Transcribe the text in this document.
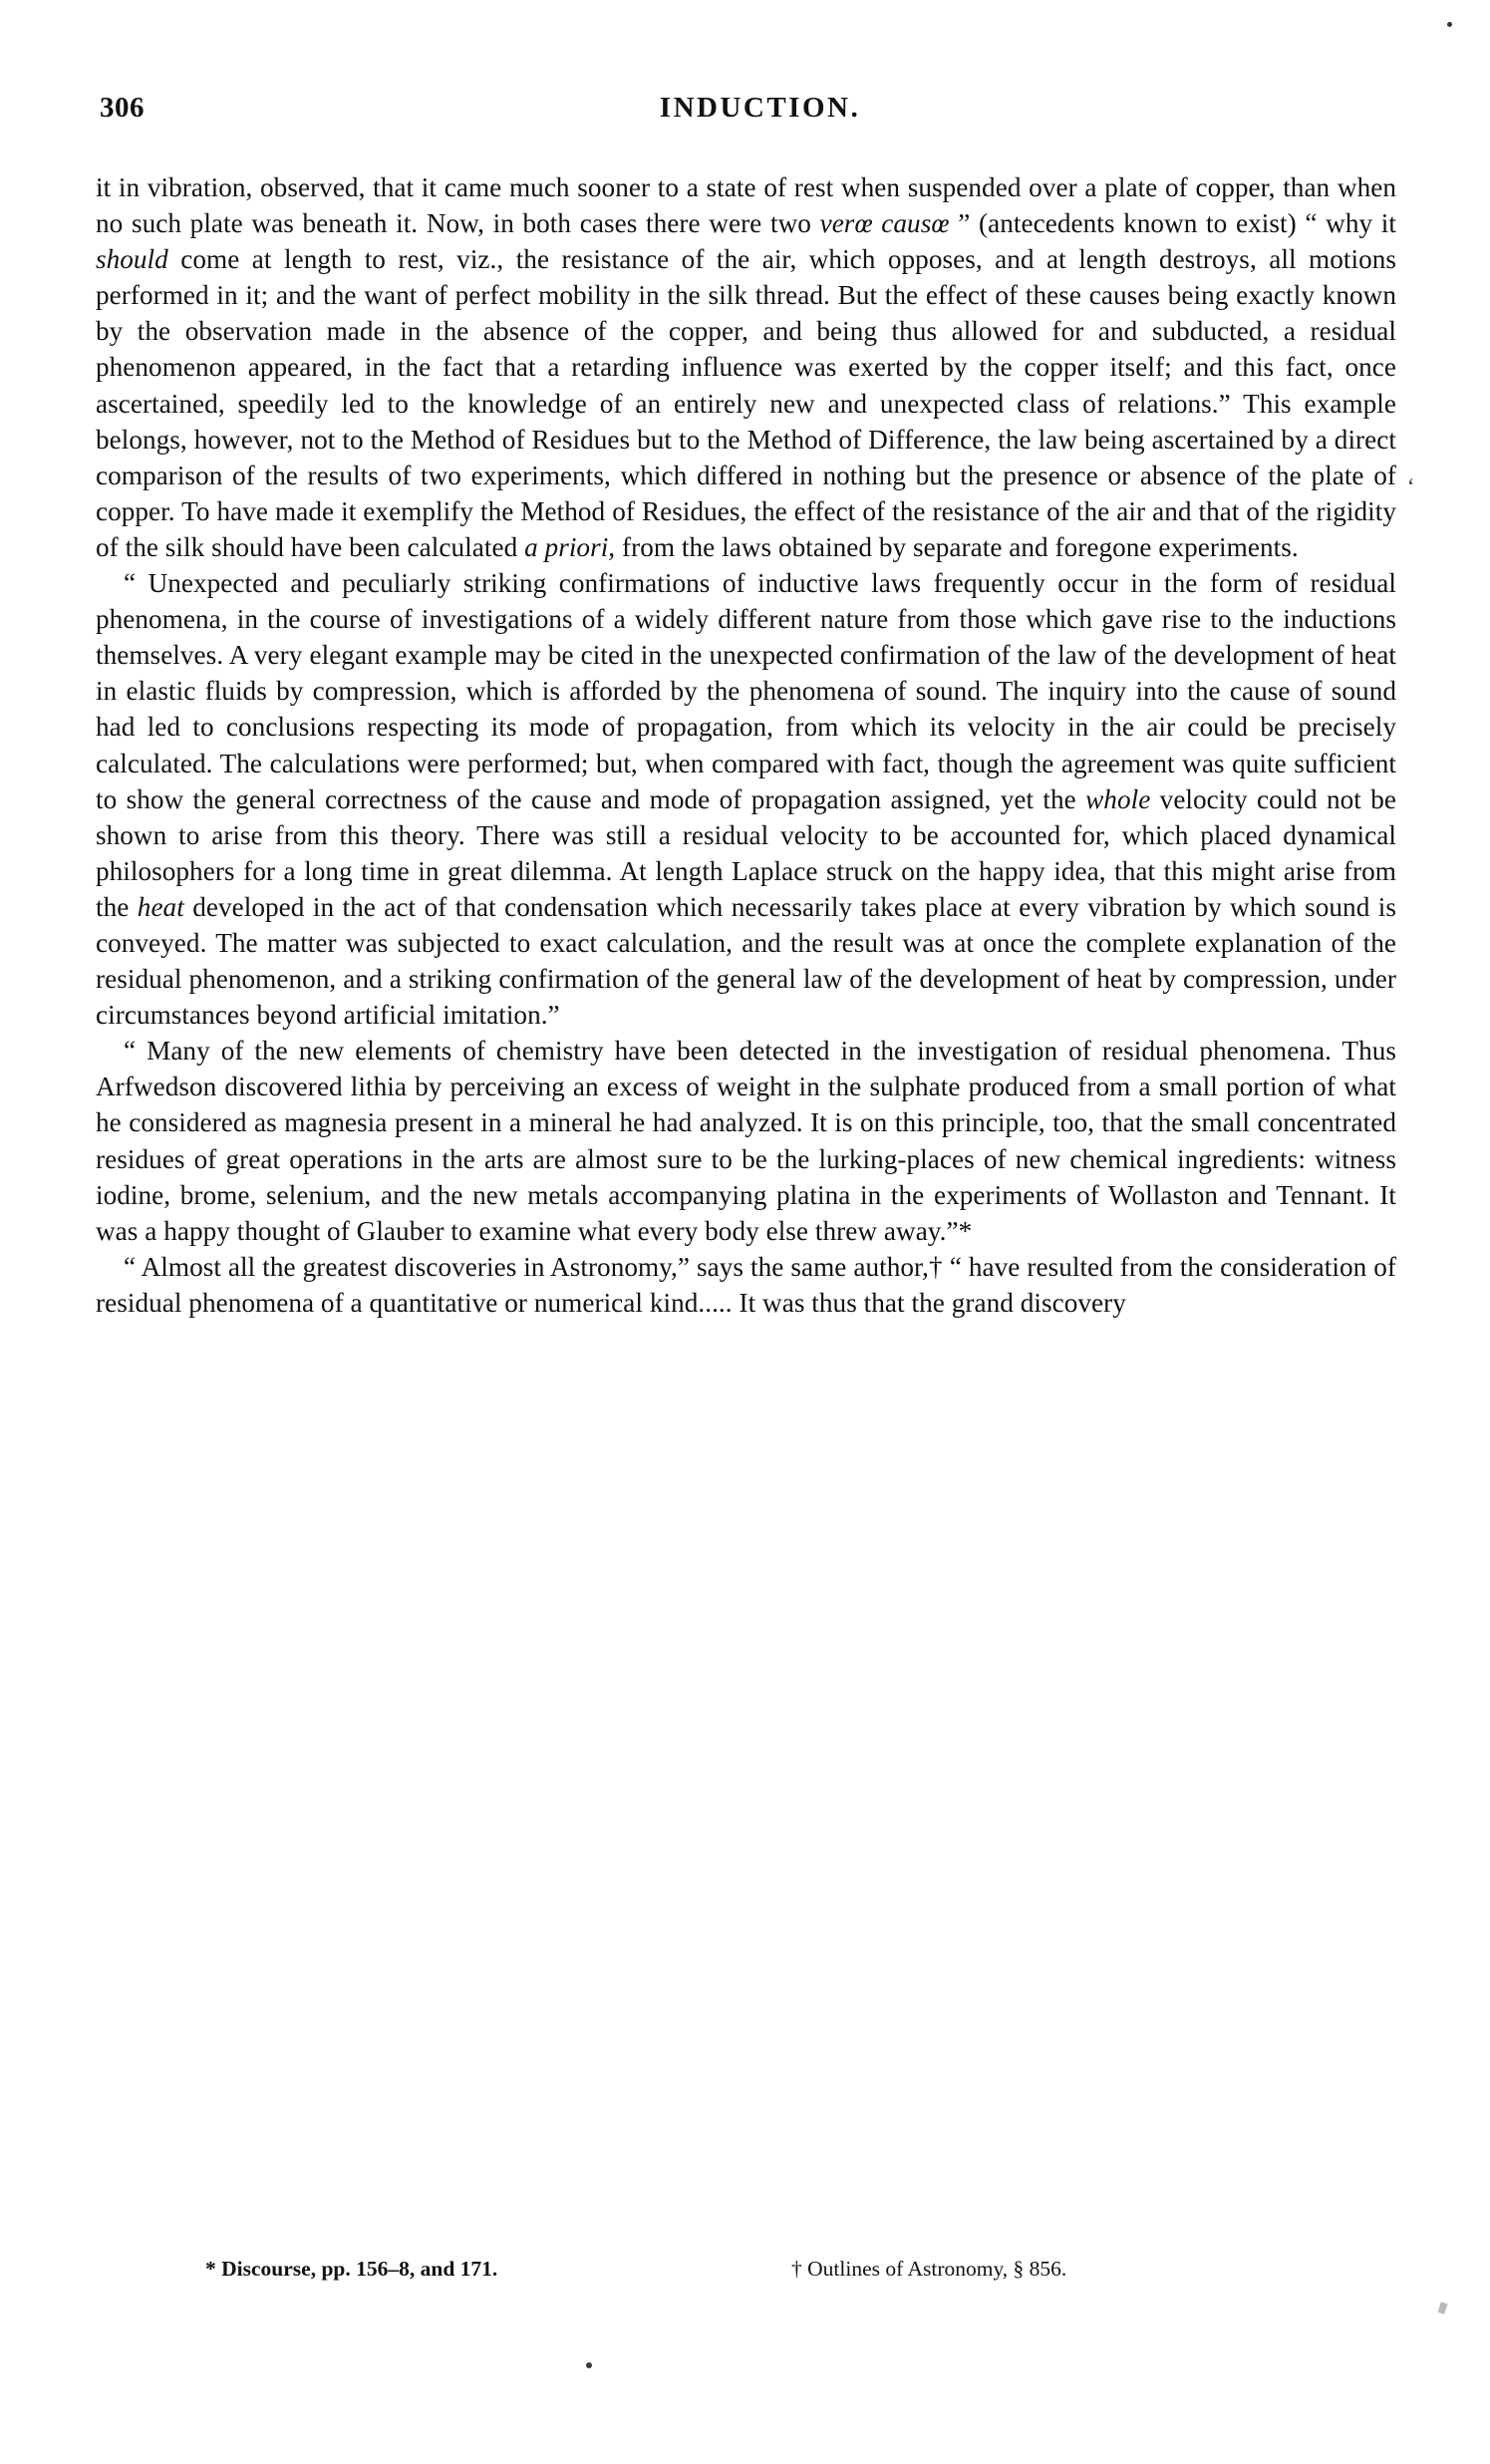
306	INDUCTION.

it in vibration, observed, that it came much sooner to a state of rest when suspended over a plate of copper, than when no such plate was beneath it. Now, in both cases there were two verœ causœ ” (antecedents known to exist) “ why it should come at length to rest, viz., the resistance of the air, which opposes, and at length destroys, all motions performed in it; and the want of perfect mobility in the silk thread. But the effect of these causes being exactly known by the observation made in the absence of the copper, and being thus allowed for and subducted, a residual phenomenon appeared, in the fact that a retarding influence was exerted by the copper itself; and this fact, once ascertained, speedily led to the knowledge of an entirely new and unexpected class of relations.” This example belongs, however, not to the Method of Residues but to the Method of Difference, the law being ascertained by a direct comparison of the results of two experiments, which differed in nothing but the presence or absence of the plate of copper. To have made it exemplify the Method of Residues, the effect of the resistance of the air and that of the rigidity of the silk should have been calculated a priori, from the laws obtained by separate and foregone experiments.

“ Unexpected and peculiarly striking confirmations of inductive laws frequently occur in the form of residual phenomena, in the course of investigations of a widely different nature from those which gave rise to the inductions themselves. A very elegant example may be cited in the unexpected confirmation of the law of the development of heat in elastic fluids by compression, which is afforded by the phenomena of sound. The inquiry into the cause of sound had led to conclusions respecting its mode of propagation, from which its velocity in the air could be precisely calculated. The calculations were performed; but, when compared with fact, though the agreement was quite sufficient to show the general correctness of the cause and mode of propagation assigned, yet the whole velocity could not be shown to arise from this theory. There was still a residual velocity to be accounted for, which placed dynamical philosophers for a long time in great dilemma. At length Laplace struck on the happy idea, that this might arise from the heat developed in the act of that condensation which necessarily takes place at every vibration by which sound is conveyed. The matter was subjected to exact calculation, and the result was at once the complete explanation of the residual phenomenon, and a striking confirmation of the general law of the development of heat by compression, under circumstances beyond artificial imitation.”

“ Many of the new elements of chemistry have been detected in the investigation of residual phenomena. Thus Arfwedson discovered lithia by perceiving an excess of weight in the sulphate produced from a small portion of what he considered as magnesia present in a mineral he had analyzed. It is on this principle, too, that the small concentrated residues of great operations in the arts are almost sure to be the lurking-places of new chemical ingredients: witness iodine, brome, selenium, and the new metals accompanying platina in the experiments of Wollaston and Tennant. It was a happy thought of Glauber to examine what every body else threw away.”*

“ Almost all the greatest discoveries in Astronomy,” says the same author,† “ have resulted from the consideration of residual phenomena of a quantitative or numerical kind..... It was thus that the grand discovery

‘
* Discourse, pp. 156–8, and 171.	† Outlines of Astronomy, § 856.
